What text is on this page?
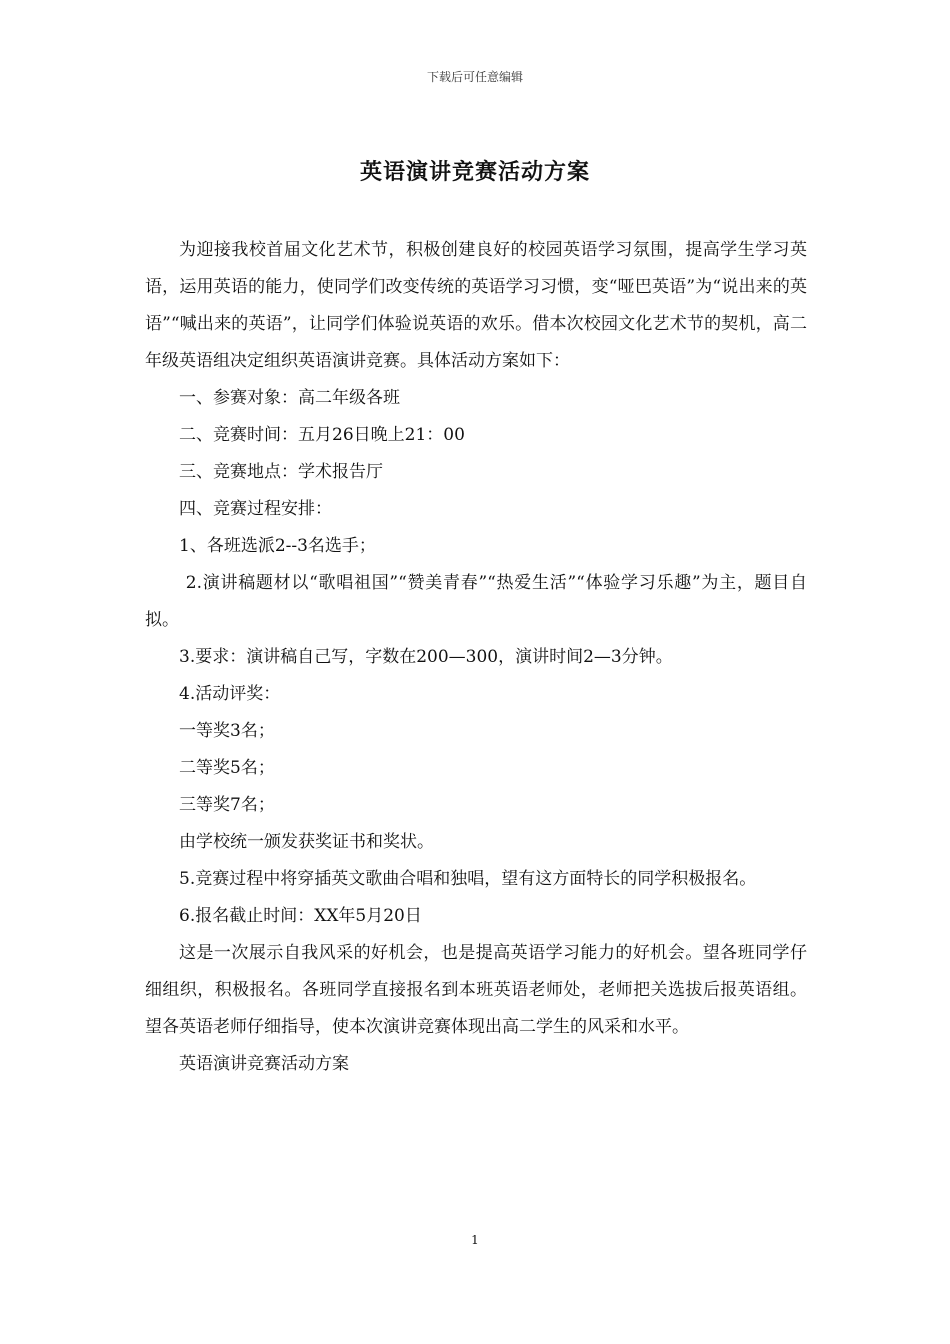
下载后可任意编辑
英语演讲竞赛活动方案

为迎接我校首届文化艺术节，积极创建良好的校园英语学习氛围，提高学生学习英语，运用英语的能力，使同学们改变传统的英语学习习惯，变“哑巴英语”为“说出来的英语”“喊出来的英语”，让同学们体验说英语的欢乐。借本次校园文化艺术节的契机，高二年级英语组决定组织英语演讲竞赛。具体活动方案如下：

一、参赛对象：高二年级各班

二、竞赛时间：五月26日晚上21：00

三、竞赛地点：学术报告厅

四、竞赛过程安排：

1、各班选派2--3名选手；

2.演讲稿题材以“歌唱祖国”“赞美青春”“热爱生活”“体验学习乐趣”为主，题目自拟。

3.要求：演讲稿自己写，字数在200—300，演讲时间2—3分钟。

4.活动评奖：

一等奖3名；

二等奖5名；

三等奖7名；

由学校统一颁发获奖证书和奖状。

5.竞赛过程中将穿插英文歌曲合唱和独唱，望有这方面特长的同学积极报名。

6.报名截止时间：XX年5月20日

这是一次展示自我风采的好机会，也是提高英语学习能力的好机会。望各班同学仔细组织，积极报名。各班同学直接报名到本班英语老师处，老师把关选拔后报英语组。望各英语老师仔细指导，使本次演讲竞赛体现出高二学生的风采和水平。

英语演讲竞赛活动方案

1
